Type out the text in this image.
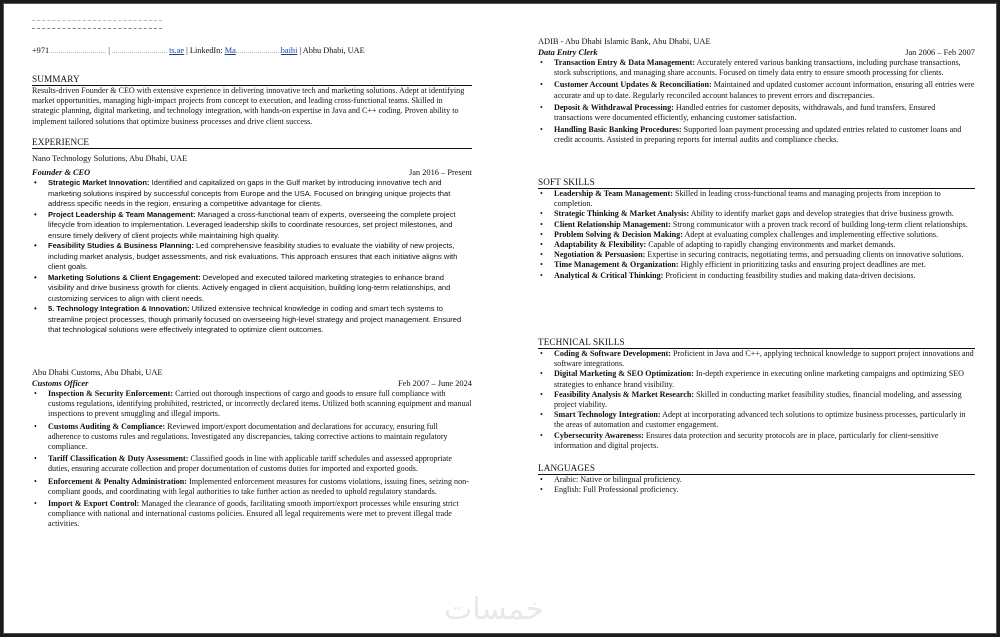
+971	|	ts.ae | LinkedIn: Ma	baihi | Abhu Dhabi, UAE
SUMMARY

Results-driven Founder & CEO with extensive experience in delivering innovative tech and marketing solutions. Adept at identifying market opportunities, managing high-impact projects from concept to execution, and leading cross-functional teams. Skilled in strategic planning, digital marketing, and technology integration, with hands-on expertise in Java and C++ coding. Proven ability to implement tailored solutions that optimize business processes and drive client success.

EXPERIENCE
Nano Technology Solutions, Abu Dhabi, UAE
Founder & CEO	Jan 2016 – Present
• Strategic Market Innovation: Identified and capitalized on gaps in the Gulf market by introducing innovative tech and marketing solutions inspired by successful concepts from Europe and the USA. Focused on bringing unique projects that address specific needs in the region, ensuring a competitive advantage for clients.
• Project Leadership & Team Management: Managed a cross-functional team of experts, overseeing the complete project lifecycle from ideation to implementation. Leveraged leadership skills to coordinate resources, set project milestones, and ensure timely delivery of client projects while maintaining high quality.
• Feasibility Studies & Business Planning: Led comprehensive feasibility studies to evaluate the viability of new projects, including market analysis, budget assessments, and risk evaluations. This approach ensures that each initiative aligns with client goals.
• Marketing Solutions & Client Engagement: Developed and executed tailored marketing strategies to enhance brand visibility and drive business growth for clients. Actively engaged in client acquisition, building long-term relationships, and customizing services to align with client needs.
• 5. Technology Integration & Innovation: Utilized extensive technical knowledge in coding and smart tech systems to streamline project processes, though primarily focused on overseeing high-level strategy and project management. Ensured that technological solutions were effectively integrated to optimize client outcomes.
Abu Dhabi Customs, Abu Dhabi, UAE
Customs Officer	Feb 2007 – June 2024
• Inspection & Security Enforcement: Carried out thorough inspections of cargo and goods to ensure full compliance with customs regulations, identifying prohibited, restricted, or incorrectly declared items. Utilized both scanning equipment and manual inspections to prevent smuggling and illegal imports.
• Customs Auditing & Compliance: Reviewed import/export documentation and declarations for accuracy, ensuring full adherence to customs rules and regulations. Investigated any discrepancies, taking corrective actions to maintain regulatory compliance.
• Tariff Classification & Duty Assessment: Classified goods in line with applicable tariff schedules and assessed appropriate duties, ensuring accurate collection and proper documentation of customs duties for imported and exported goods.
• Enforcement & Penalty Administration: Implemented enforcement measures for customs violations, issuing fines, seizing non-compliant goods, and coordinating with legal authorities to take further action as needed to uphold regulatory standards.
• Import & Export Control: Managed the clearance of goods, facilitating smooth import/export processes while ensuring strict compliance with national and international customs policies. Ensured all legal requirements were met to prevent illegal trade activities.
ADIB - Abu Dhabi Islamic Bank, Abu Dhabi, UAE
Data Entry Clerk	Jan 2006 – Feb 2007
• Transaction Entry & Data Management: Accurately entered various banking transactions, including purchase transactions, stock subscriptions, and managing share accounts. Focused on timely data entry to ensure smooth processing for clients.
• Customer Account Updates & Reconciliation: Maintained and updated customer account information, ensuring all entries were accurate and up to date. Regularly reconciled account balances to prevent errors and discrepancies.
• Deposit & Withdrawal Processing: Handled entries for customer deposits, withdrawals, and fund transfers. Ensured transactions were documented efficiently, enhancing customer satisfaction.
• Handling Basic Banking Procedures: Supported loan payment processing and updated entries related to customer loans and credit accounts. Assisted in preparing reports for internal audits and compliance checks.
SOFT SKILLS
• Leadership & Team Management: Skilled in leading cross-functional teams and managing projects from inception to completion.
• Strategic Thinking & Market Analysis: Ability to identify market gaps and develop strategies that drive business growth.
• Client Relationship Management: Strong communicator with a proven track record of building long-term client relationships.
• Problem Solving & Decision Making: Adept at evaluating complex challenges and implementing effective solutions.
• Adaptability & Flexibility: Capable of adapting to rapidly changing environments and market demands.
• Negotiation & Persuasion: Expertise in securing contracts, negotiating terms, and persuading clients on innovative solutions.
• Time Management & Organization: Highly efficient in prioritizing tasks and ensuring project deadlines are met.
• Analytical & Critical Thinking: Proficient in conducting feasibility studies and making data-driven decisions.
TECHNICAL SKILLS
• Coding & Software Development: Proficient in Java and C++, applying technical knowledge to support project innovations and software integrations.
• Digital Marketing & SEO Optimization: In-depth experience in executing online marketing campaigns and optimizing SEO strategies to enhance brand visibility.
• Feasibility Analysis & Market Research: Skilled in conducting market feasibility studies, financial modeling, and assessing project viability.
• Smart Technology Integration: Adept at incorporating advanced tech solutions to optimize business processes, particularly in the areas of automation and customer engagement.
• Cybersecurity Awareness: Ensures data protection and security protocols are in place, particularly for client-sensitive information and digital projects.
LANGUAGES
• Arabic: Native or bilingual proficiency.
• English: Full Professional proficiency.
خمسات
